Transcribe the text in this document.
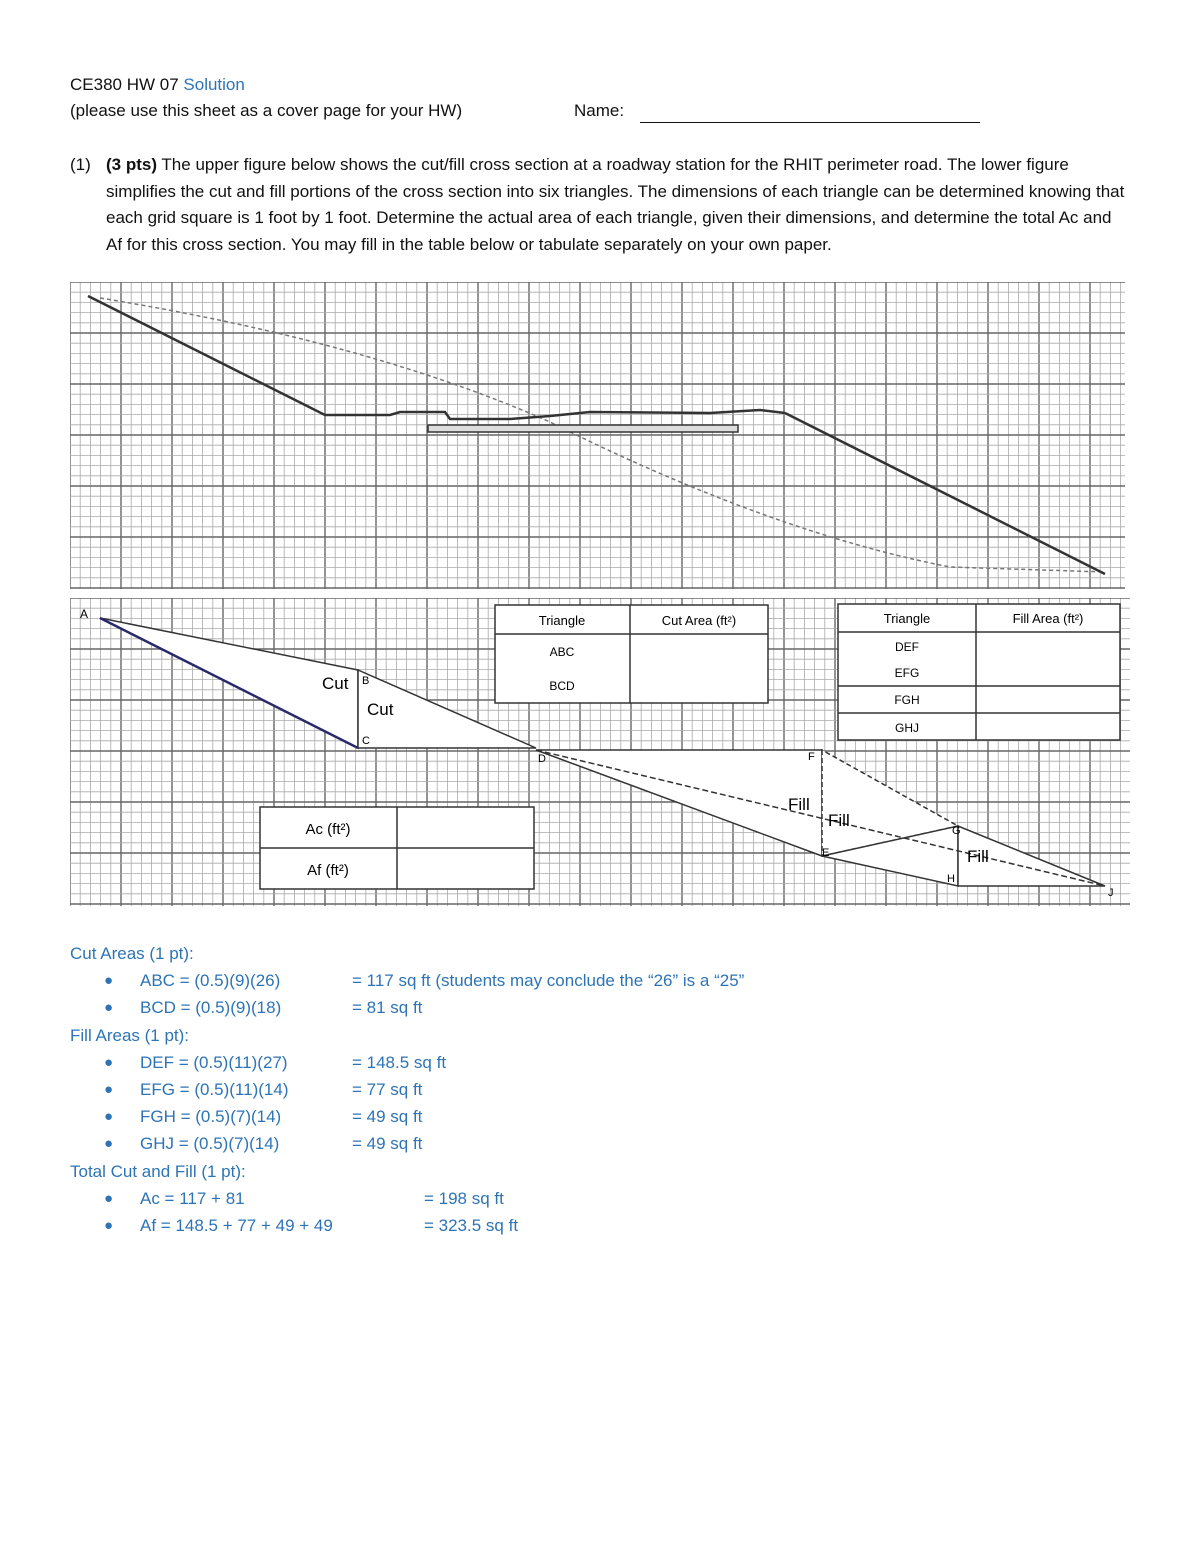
CE380 HW 07 Solution
(please use this sheet as a cover page for your HW)	Name:
(1) (3 pts) The upper figure below shows the cut/fill cross section at a roadway station for the RHIT perimeter road. The lower figure simplifies the cut and fill portions of the cross section into six triangles. The dimensions of each triangle can be determined knowing that each grid square is 1 foot by 1 foot. Determine the actual area of each triangle, given their dimensions, and determine the total Ac and Af for this cross section. You may fill in the table below or tabulate separately on your own paper.
A
B
C
D
E
F
G
H
J
Cut
Cut
Fill
Fill
Fill
Triangle	Cut Area (ft²)
ABC
BCD
Triangle	Fill Area (ft²)
DEF
EFG
FGH
GHJ
Ac (ft²)
Af (ft²)
Cut Areas (1 pt):
● ABC = (0.5)(9)(26)	= 117 sq ft (students may conclude the “26” is a “25”
● BCD = (0.5)(9)(18)	= 81 sq ft
Fill Areas (1 pt):
● DEF = (0.5)(11)(27)	= 148.5 sq ft
● EFG = (0.5)(11)(14)	= 77 sq ft
● FGH = (0.5)(7)(14)	= 49 sq ft
● GHJ = (0.5)(7)(14)	= 49 sq ft
Total Cut and Fill (1 pt):
● Ac = 117 + 81	= 198 sq ft
● Af = 148.5 + 77 + 49 + 49	= 323.5 sq ft
